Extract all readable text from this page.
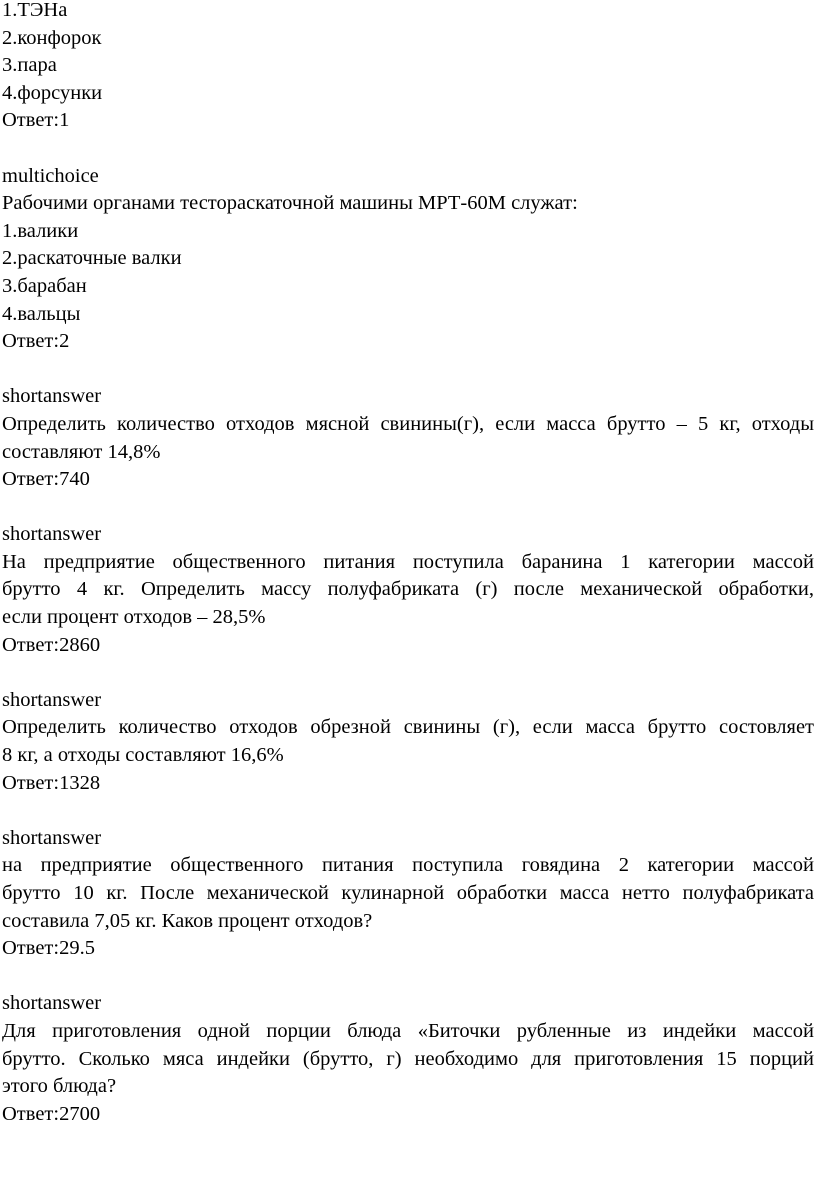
1.ТЭНа
2.конфорок
3.пара
4.форсунки
Ответ:1
multichoice
Рабочими органами тестораскаточной машины МРТ-60М служат:
1.валики
2.раскаточные валки
3.барабан
4.вальцы
Ответ:2
shortanswer
Определить количество отходов мясной свинины(г), если масса брутто – 5 кг, отходы
составляют 14,8%
Ответ:740
shortanswer
На предприятие общественного питания поступила баранина 1 категории массой
брутто 4 кг. Определить массу полуфабриката (г) после механической обработки,
если процент отходов – 28,5%
Ответ:2860
shortanswer
Определить количество отходов обрезной свинины (г), если масса брутто состовляет
8 кг, а отходы составляют 16,6%
Ответ:1328
shortanswer
на предприятие общественного питания поступила говядина 2 категории массой
брутто 10 кг. После механической кулинарной обработки масса нетто полуфабриката
составила 7,05 кг. Каков процент отходов?
Ответ:29.5
shortanswer
Для приготовления одной порции блюда «Биточки рубленные из индейки массой
брутто. Сколько мяса индейки (брутто, г) необходимо для приготовления 15 порций
этого блюда?
Ответ:2700
